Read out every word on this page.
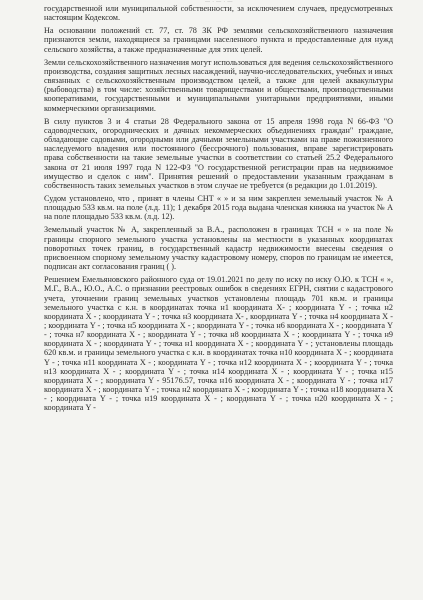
— · — · —

государственной или муниципальной собственности, за исключением случаев, предусмотренных настоящим Кодексом.

На основании положений ст. 77, ст. 78 ЗК РФ землями сельскохозяйственного назначения признаются земли, находящиеся за границами населенного пункта и предоставленные для нужд сельского хозяйства, а также предназначенные для этих целей.

Земли сельскохозяйственного назначения могут использоваться для ведения сельскохозяйственного производства, создания защитных лесных насаждений, научно-исследовательских, учебных и иных связанных с сельскохозяйственным производством целей, а также для целей аквакультуры (рыбоводства) в том числе: хозяйственными товариществами и обществами, производственными кооперативами, государственными и муниципальными унитарными предприятиями, иными коммерческими организациями.

В силу пунктов 3 и 4 статьи 28 Федерального закона от 15 апреля 1998 года N 66-ФЗ "О садоводческих, огороднических и дачных некоммерческих объединениях граждан" граждане, обладающие садовыми, огородными или дачными земельными участками на праве пожизненного наследуемого владения или постоянного (бессрочного) пользования, вправе зарегистрировать права собственности на такие земельные участки в соответствии со статьей 25.2 Федерального закона от 21 июля 1997 года N 122-ФЗ "О государственной регистрации прав на недвижимое имущество и сделок с ним". Принятия решений о предоставлении указанным гражданам в собственность таких земельных участков в этом случае не требуется (в редакции до 1.01.2019).

Судом установлено, что , принят в члены СНТ « » и за ним закреплен земельный участок № А площадью 533 кв.м. на поле (л.д. 11); 1 декабря 2015 года выдана членская книжка на участок № А на поле площадью 533 кв.м. (л.д. 12).

Земельный участок № А, закрепленный за В.А., расположен в границах ТСН « » на поле № границы спорного земельного участка установлены на местности в указанных координатах поворотных точек границ, в государственный кадастр недвижимости внесены сведения о присвоенном спорному земельному участку кадастровому номеру, споров по границам не имеется, подписан акт согласования границ ( ).

Решением Емельяновского районного суда от 19.01.2021 по делу по иску по иску О.Ю. к ТСН « », М.Г., В.А., Ю.О., А.С. о признании реестровых ошибок в сведениях ЕГРН, снятии с кадастрового учета, уточнении границ земельных участков установлены площадь 701 кв.м. и границы земельного участка с к.н. в координатах точка н1 координата Х- ; координата Y - ; точка н2 координата Х - ; координата Y - ; точка н3 координата Х- , координата Y - ; точка н4 координата Х - ; координата Y - ; точка н5 координата Х - ; координата Y - ; точка н6 координата Х - ; координата Y - ; точка н7 координата Х - ; координата Y - ; точка н8 координата Х - ; координата Y - ; точка н9 координата Х - ; координата Y - ; точка н1 координата Х - ; координата Y - ; установлены площадь 620 кв.м. и границы земельного участка с к.н. в координатах точка н10 координата Х - ; координата Y - ; точка н11 координата Х - ; координата Y - ; точка н12 координата Х - ; координата Y - ; точка н13 координата Х - ; координата Y - ; точка н14 координата Х - ; координата Y - ; точка н15 координата Х - ; координата Y - 95176.57, точка н16 координата Х - ; координата Y - ; точка н17 координата Х - ; координата Y - ; точка н2 координата Х - ; координата Y - ; точка н18 координата Х - ; координата Y - ; точка н19 координата Х - ; координата Y - ; точка н20 координата Х - ; координата Y -
